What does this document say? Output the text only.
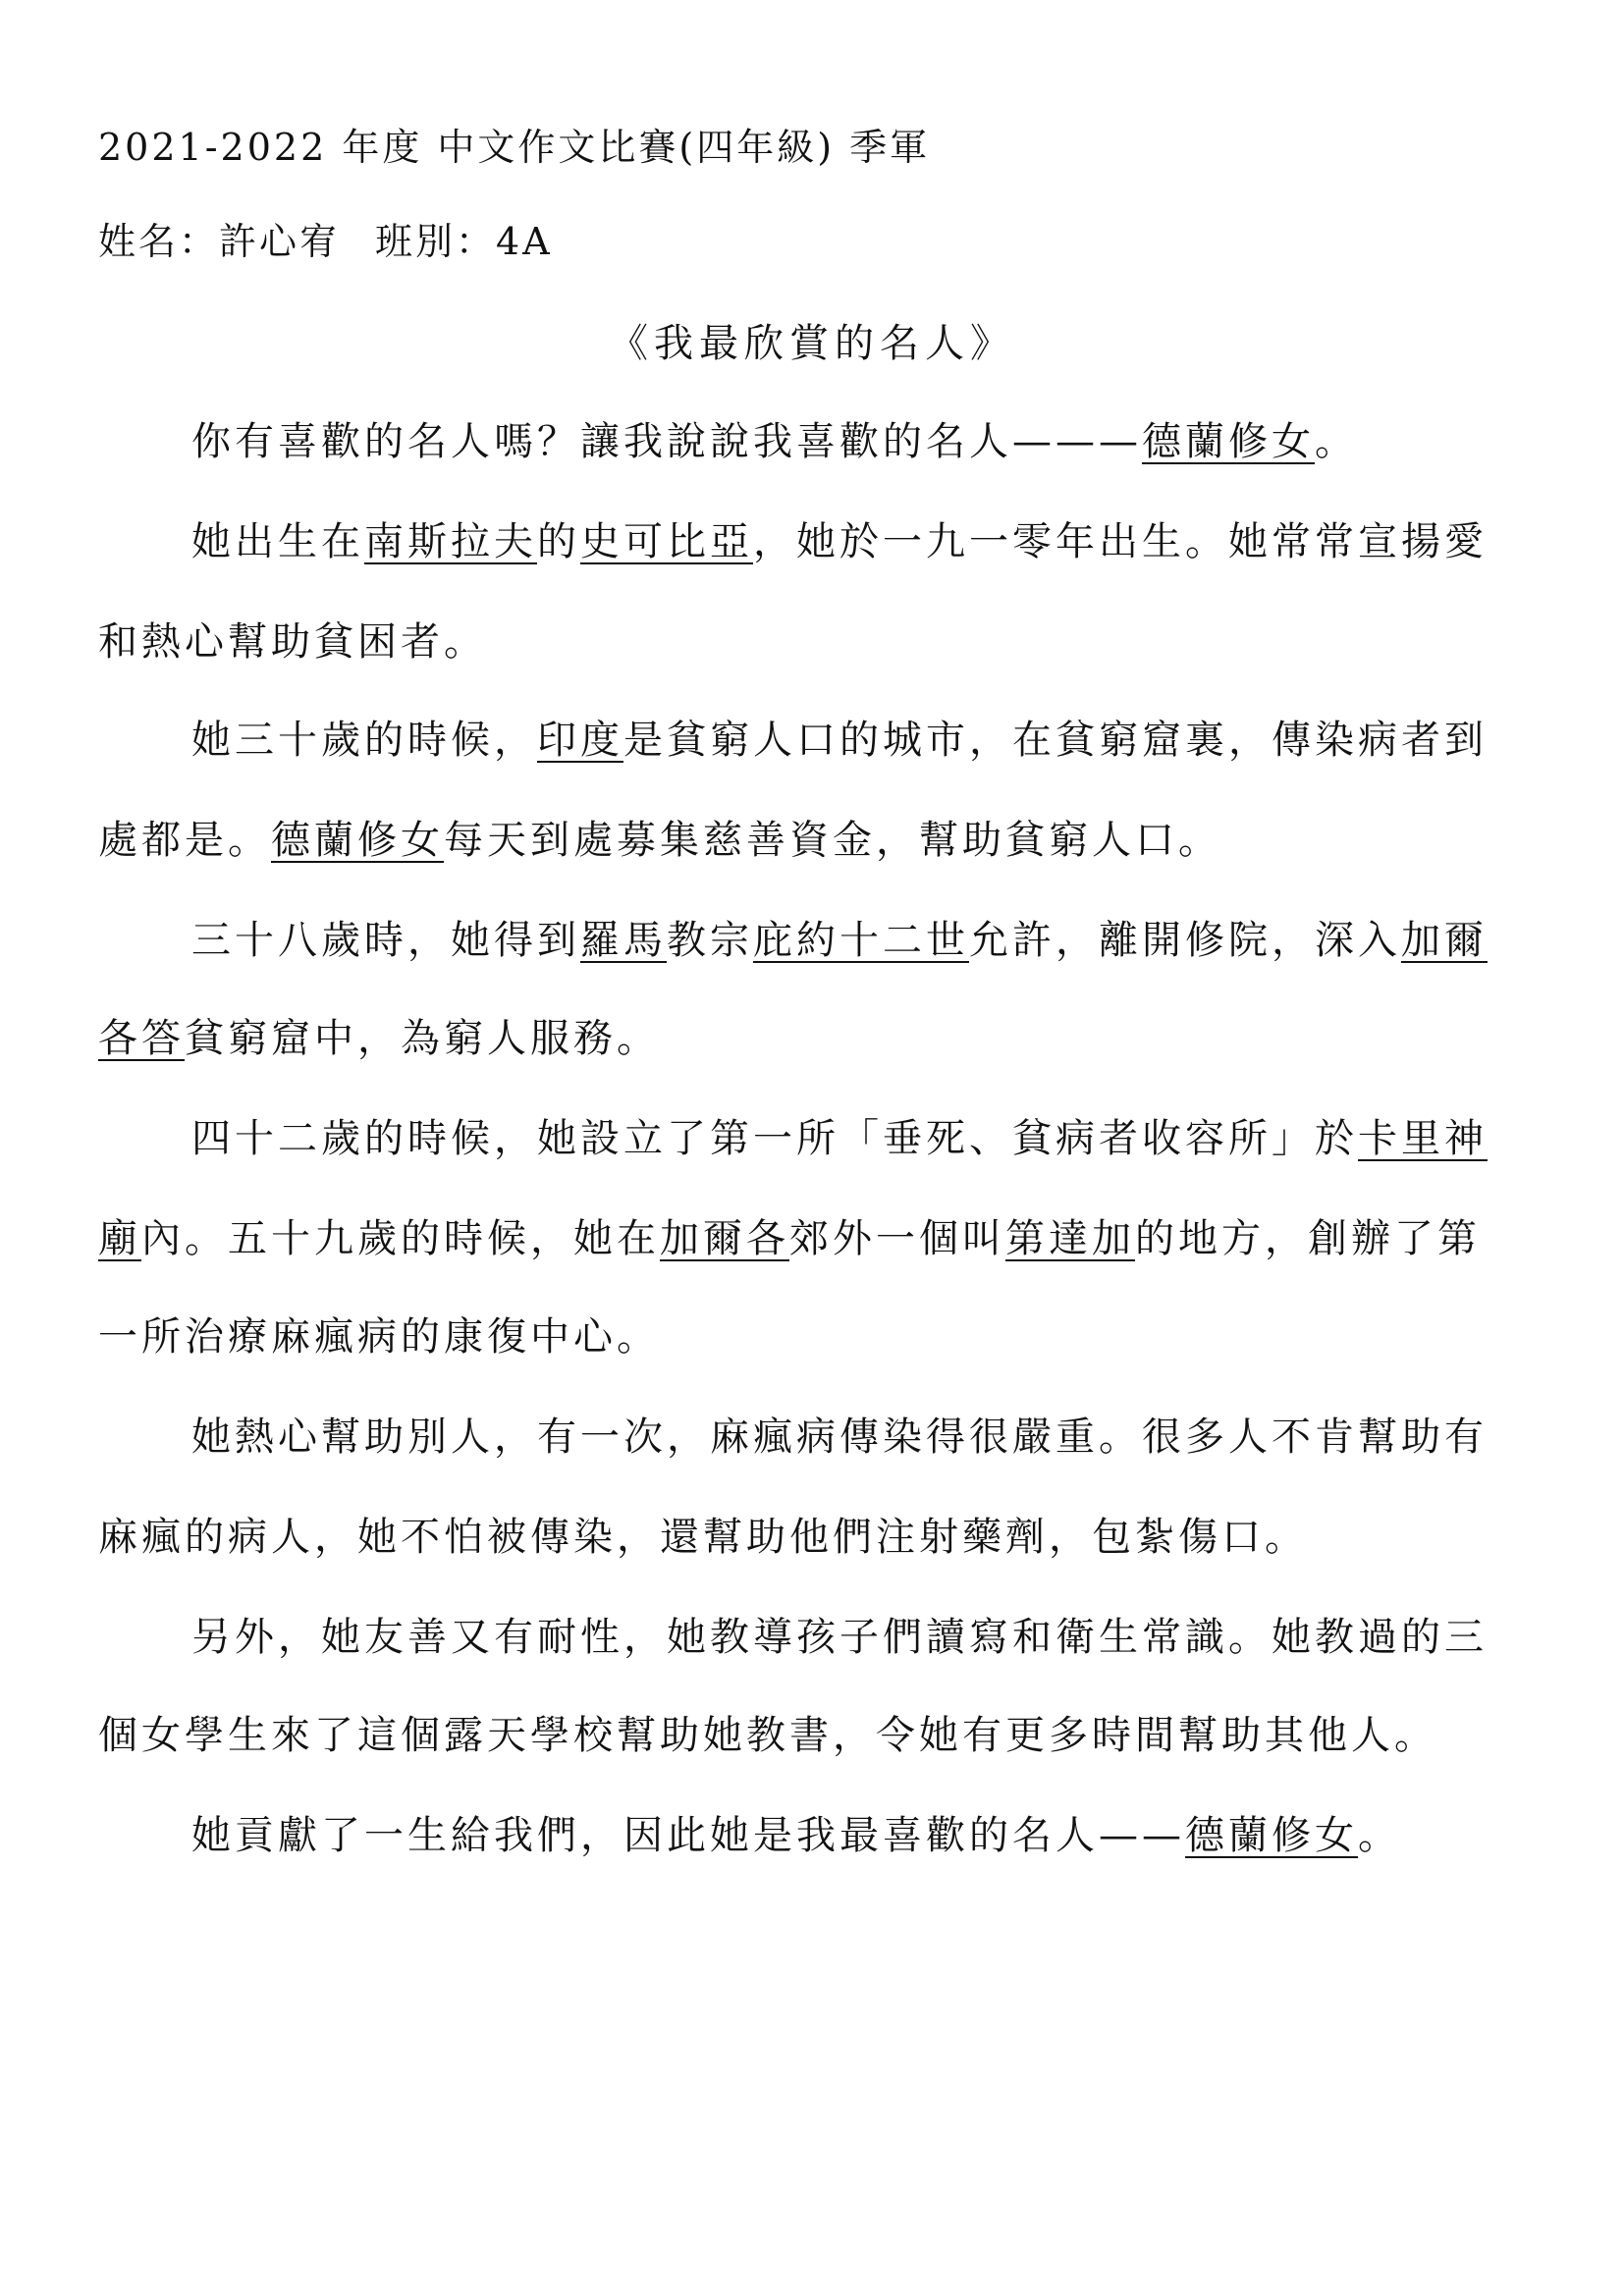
2021-2022 年度 中文作文比賽(四年級) 季軍
姓名：許心宥 班別：4A
《我最欣賞的名人》
你有喜歡的名人嗎？讓我說說我喜歡的名人———德蘭修女。
她出生在南斯拉夫的史可比亞，她於一九一零年出生。她常常宣揚愛
和熱心幫助貧困者。
她三十歲的時候，印度是貧窮人口的城市，在貧窮窟裏，傳染病者到
處都是。德蘭修女每天到處募集慈善資金，幫助貧窮人口。
三十八歲時，她得到羅馬教宗庇約十二世允許，離開修院，深入加爾
各答貧窮窟中，為窮人服務。
四十二歲的時候，她設立了第一所「垂死、貧病者收容所」於卡里神
廟內。五十九歲的時候，她在加爾各郊外一個叫第達加的地方，創辦了第
一所治療麻瘋病的康復中心。
她熱心幫助別人，有一次，麻瘋病傳染得很嚴重。很多人不肯幫助有
麻瘋的病人，她不怕被傳染，還幫助他們注射藥劑，包紮傷口。
另外，她友善又有耐性，她教導孩子們讀寫和衛生常識。她教過的三
個女學生來了這個露天學校幫助她教書，令她有更多時間幫助其他人。
她貢獻了一生給我們，因此她是我最喜歡的名人——德蘭修女。
